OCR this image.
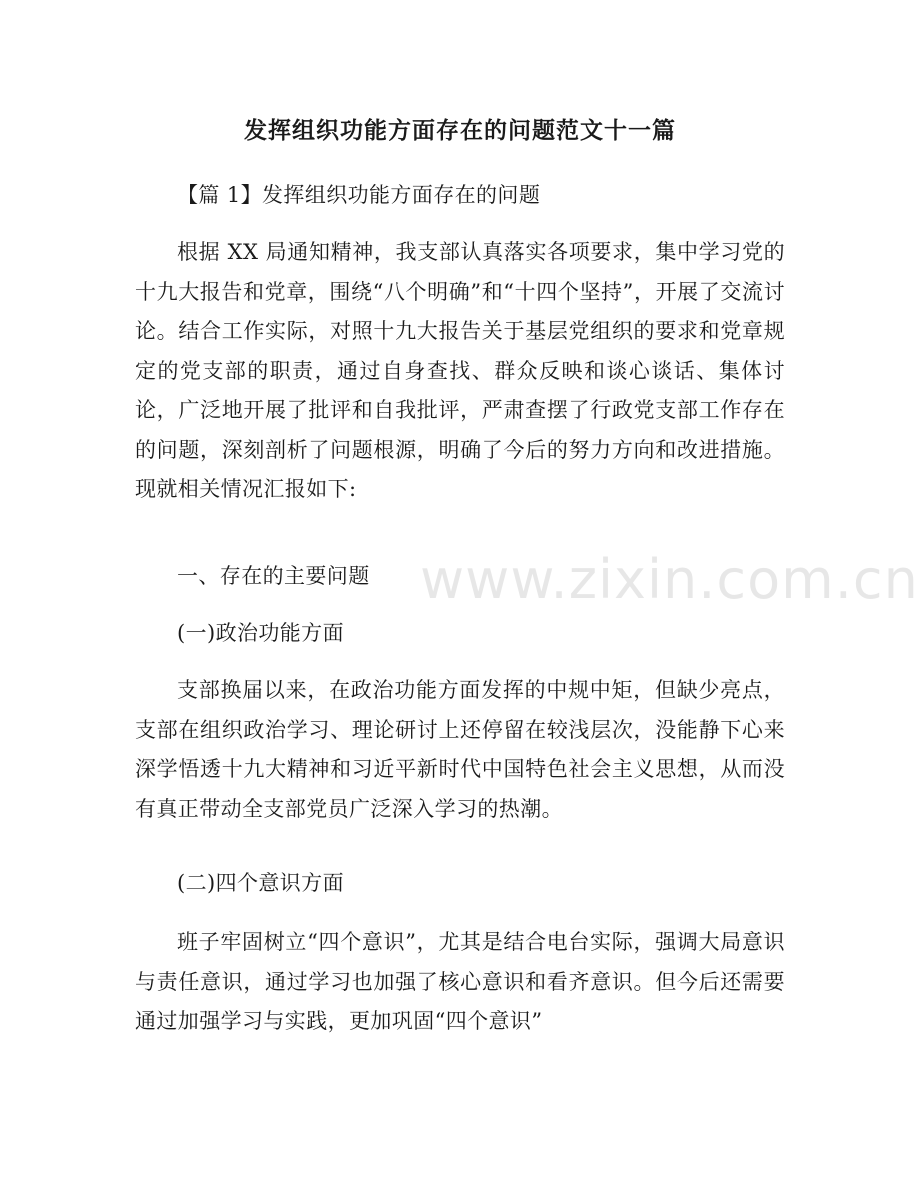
发挥组织功能方面存在的问题范文十一篇

【篇 1】发挥组织功能方面存在的问题

根据 XX 局通知精神，我支部认真落实各项要求，集中学习党的十九大报告和党章，围绕“八个明确”和“十四个坚持”，开展了交流讨论。结合工作实际，对照十九大报告关于基层党组织的要求和党章规定的党支部的职责，通过自身查找、群众反映和谈心谈话、集体讨论，广泛地开展了批评和自我批评，严肃查摆了行政党支部工作存在的问题，深刻剖析了问题根源，明确了今后的努力方向和改进措施。现就相关情况汇报如下:

一、存在的主要问题

(一)政治功能方面

支部换届以来，在政治功能方面发挥的中规中矩，但缺少亮点，支部在组织政治学习、理论研讨上还停留在较浅层次，没能静下心来深学悟透十九大精神和习近平新时代中国特色社会主义思想，从而没有真正带动全支部党员广泛深入学习的热潮。

(二)四个意识方面

班子牢固树立“四个意识”，尤其是结合电台实际，强调大局意识与责任意识，通过学习也加强了核心意识和看齐意识。但今后还需要通过加强学习与实践，更加巩固“四个意识”

www.zixin.com.cn
